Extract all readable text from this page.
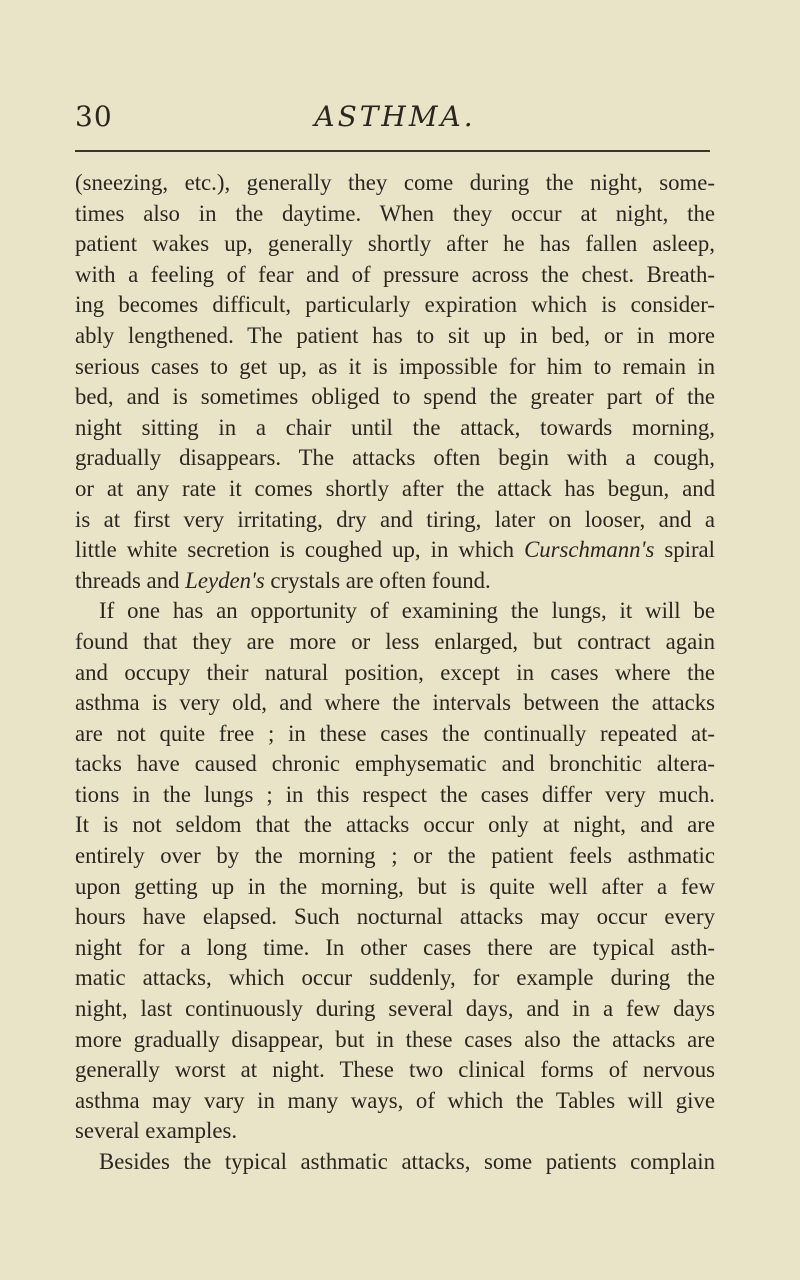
30	ASTHMA.
(sneezing, etc.), generally they come during the night, some-
times also in the daytime. When they occur at night, the
patient wakes up, generally shortly after he has fallen asleep,
with a feeling of fear and of pressure across the chest. Breath-
ing becomes difficult, particularly expiration which is consider-
ably lengthened. The patient has to sit up in bed, or in more
serious cases to get up, as it is impossible for him to remain in
bed, and is sometimes obliged to spend the greater part of the
night sitting in a chair until the attack, towards morning,
gradually disappears. The attacks often begin with a cough,
or at any rate it comes shortly after the attack has begun, and
is at first very irritating, dry and tiring, later on looser, and a
little white secretion is coughed up, in which Curschmann's spiral
threads and Leyden's crystals are often found.
If one has an opportunity of examining the lungs, it will be
found that they are more or less enlarged, but contract again
and occupy their natural position, except in cases where the
asthma is very old, and where the intervals between the attacks
are not quite free ; in these cases the continually repeated at-
tacks have caused chronic emphysematic and bronchitic altera-
tions in the lungs ; in this respect the cases differ very much.
It is not seldom that the attacks occur only at night, and are
entirely over by the morning ; or the patient feels asthmatic
upon getting up in the morning, but is quite well after a few
hours have elapsed. Such nocturnal attacks may occur every
night for a long time. In other cases there are typical asth-
matic attacks, which occur suddenly, for example during the
night, last continuously during several days, and in a few days
more gradually disappear, but in these cases also the attacks are
generally worst at night. These two clinical forms of nervous
asthma may vary in many ways, of which the Tables will give
several examples.
Besides the typical asthmatic attacks, some patients complain
